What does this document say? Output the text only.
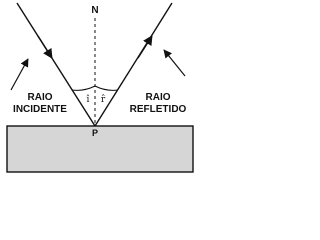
N
P
î r̂
RAIO
INCIDENTE
RAIO
REFLETIDO
